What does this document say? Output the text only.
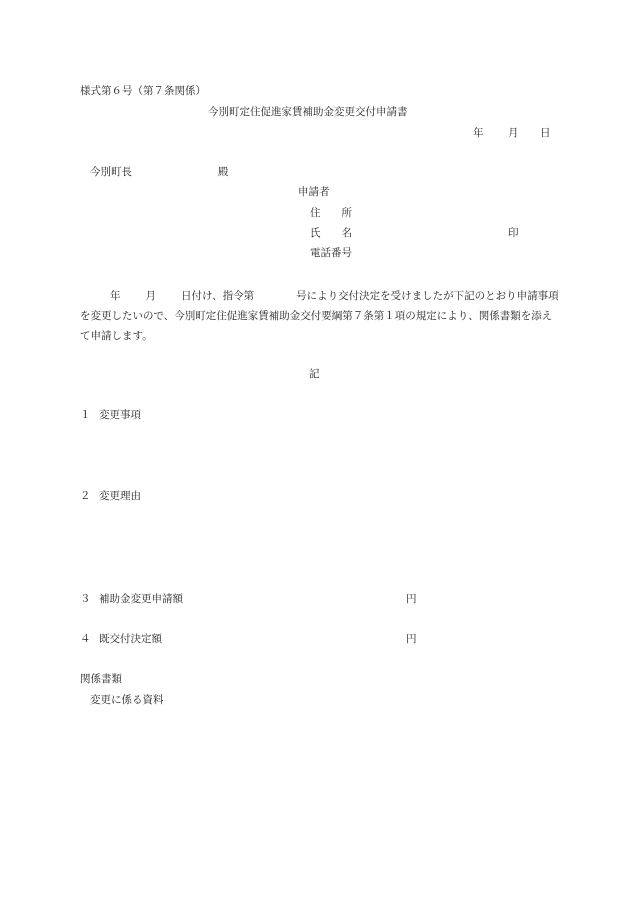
様式第６号（第７条関係）
今別町定住促進家賃補助金変更交付申請書
年 月 日
今別町長	殿
申請者
住　　所
氏　　名	印
電話番号
年 月 日付け、指令第	号により交付決定を受けましたが下記のとおり申請事項を変更したいので、今別町定住促進家賃補助金交付要綱第７条第１項の規定により、関係書類を添えて申請します。
記
１ 変更事項
２ 変更理由
３ 補助金変更申請額	円
４ 既交付決定額	円
関係書類
変更に係る資料
